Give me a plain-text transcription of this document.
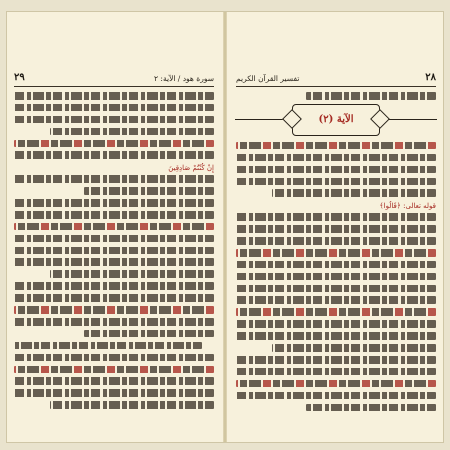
٢٩	سورة هود / الآية: ٢
إِنْ كُنْتُمْ صَادِقِينَ
٢٨
تفسير القرآن الكريم
الآية (٢)
قوله تعالى: ﴿قَالُوا﴾
